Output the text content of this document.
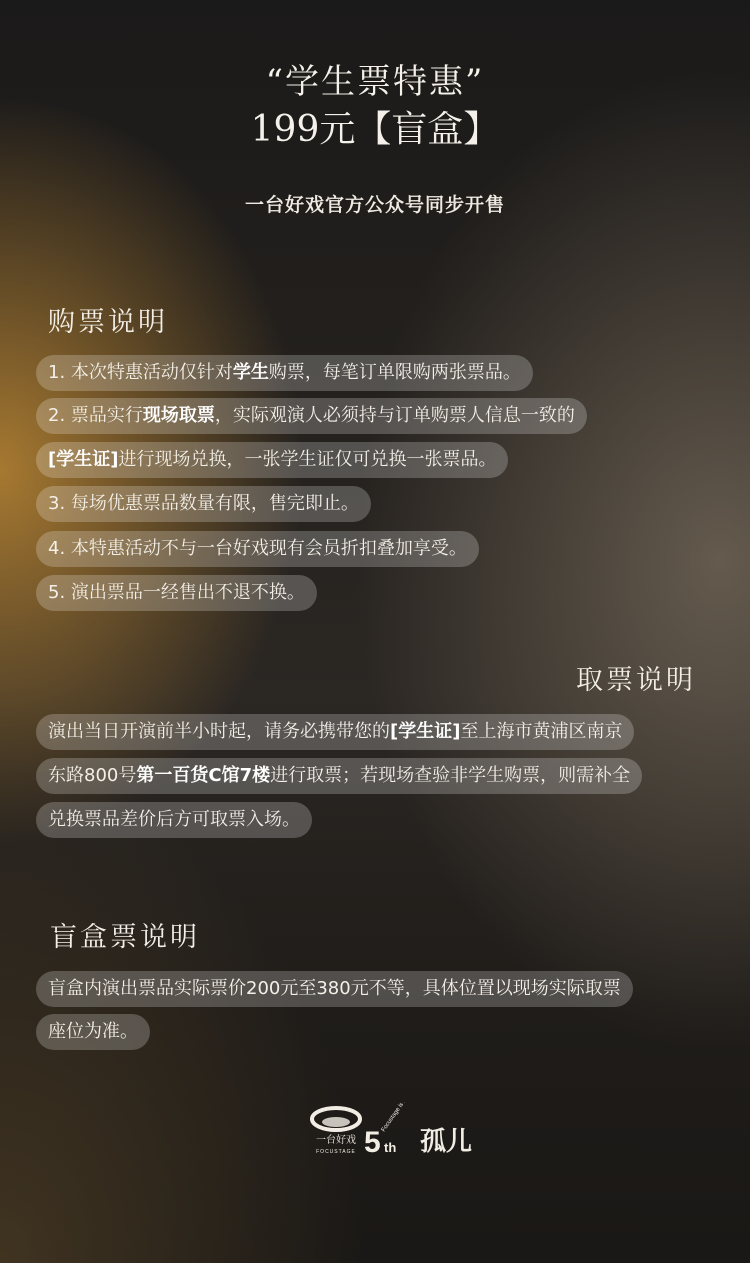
“学生票特惠”
199元【盲盒】
一台好戏官方公众号同步开售
购票说明
1. 本次特惠活动仅针对学生购票，每笔订单限购两张票品。
2. 票品实行现场取票，实际观演人必须持与订单购票人信息一致的
[学生证]进行现场兑换，一张学生证仅可兑换一张票品。
3. 每场优惠票品数量有限，售完即止。
4. 本特惠活动不与一台好戏现有会员折扣叠加享受。
5. 演出票品一经售出不退不换。
取票说明
演出当日开演前半小时起，请务必携带您的[学生证]至上海市黄浦区南京
东路800号第一百货C馆7楼进行取票；若现场查验非学生购票，则需补全
兑换票品差价后方可取票入场。
盲盒票说明
盲盒内演出票品实际票价200元至380元不等，具体位置以现场实际取票
座位为准。
一台好戏
FOCUSTAGE 5 th
Focustage is New Start
孤儿
